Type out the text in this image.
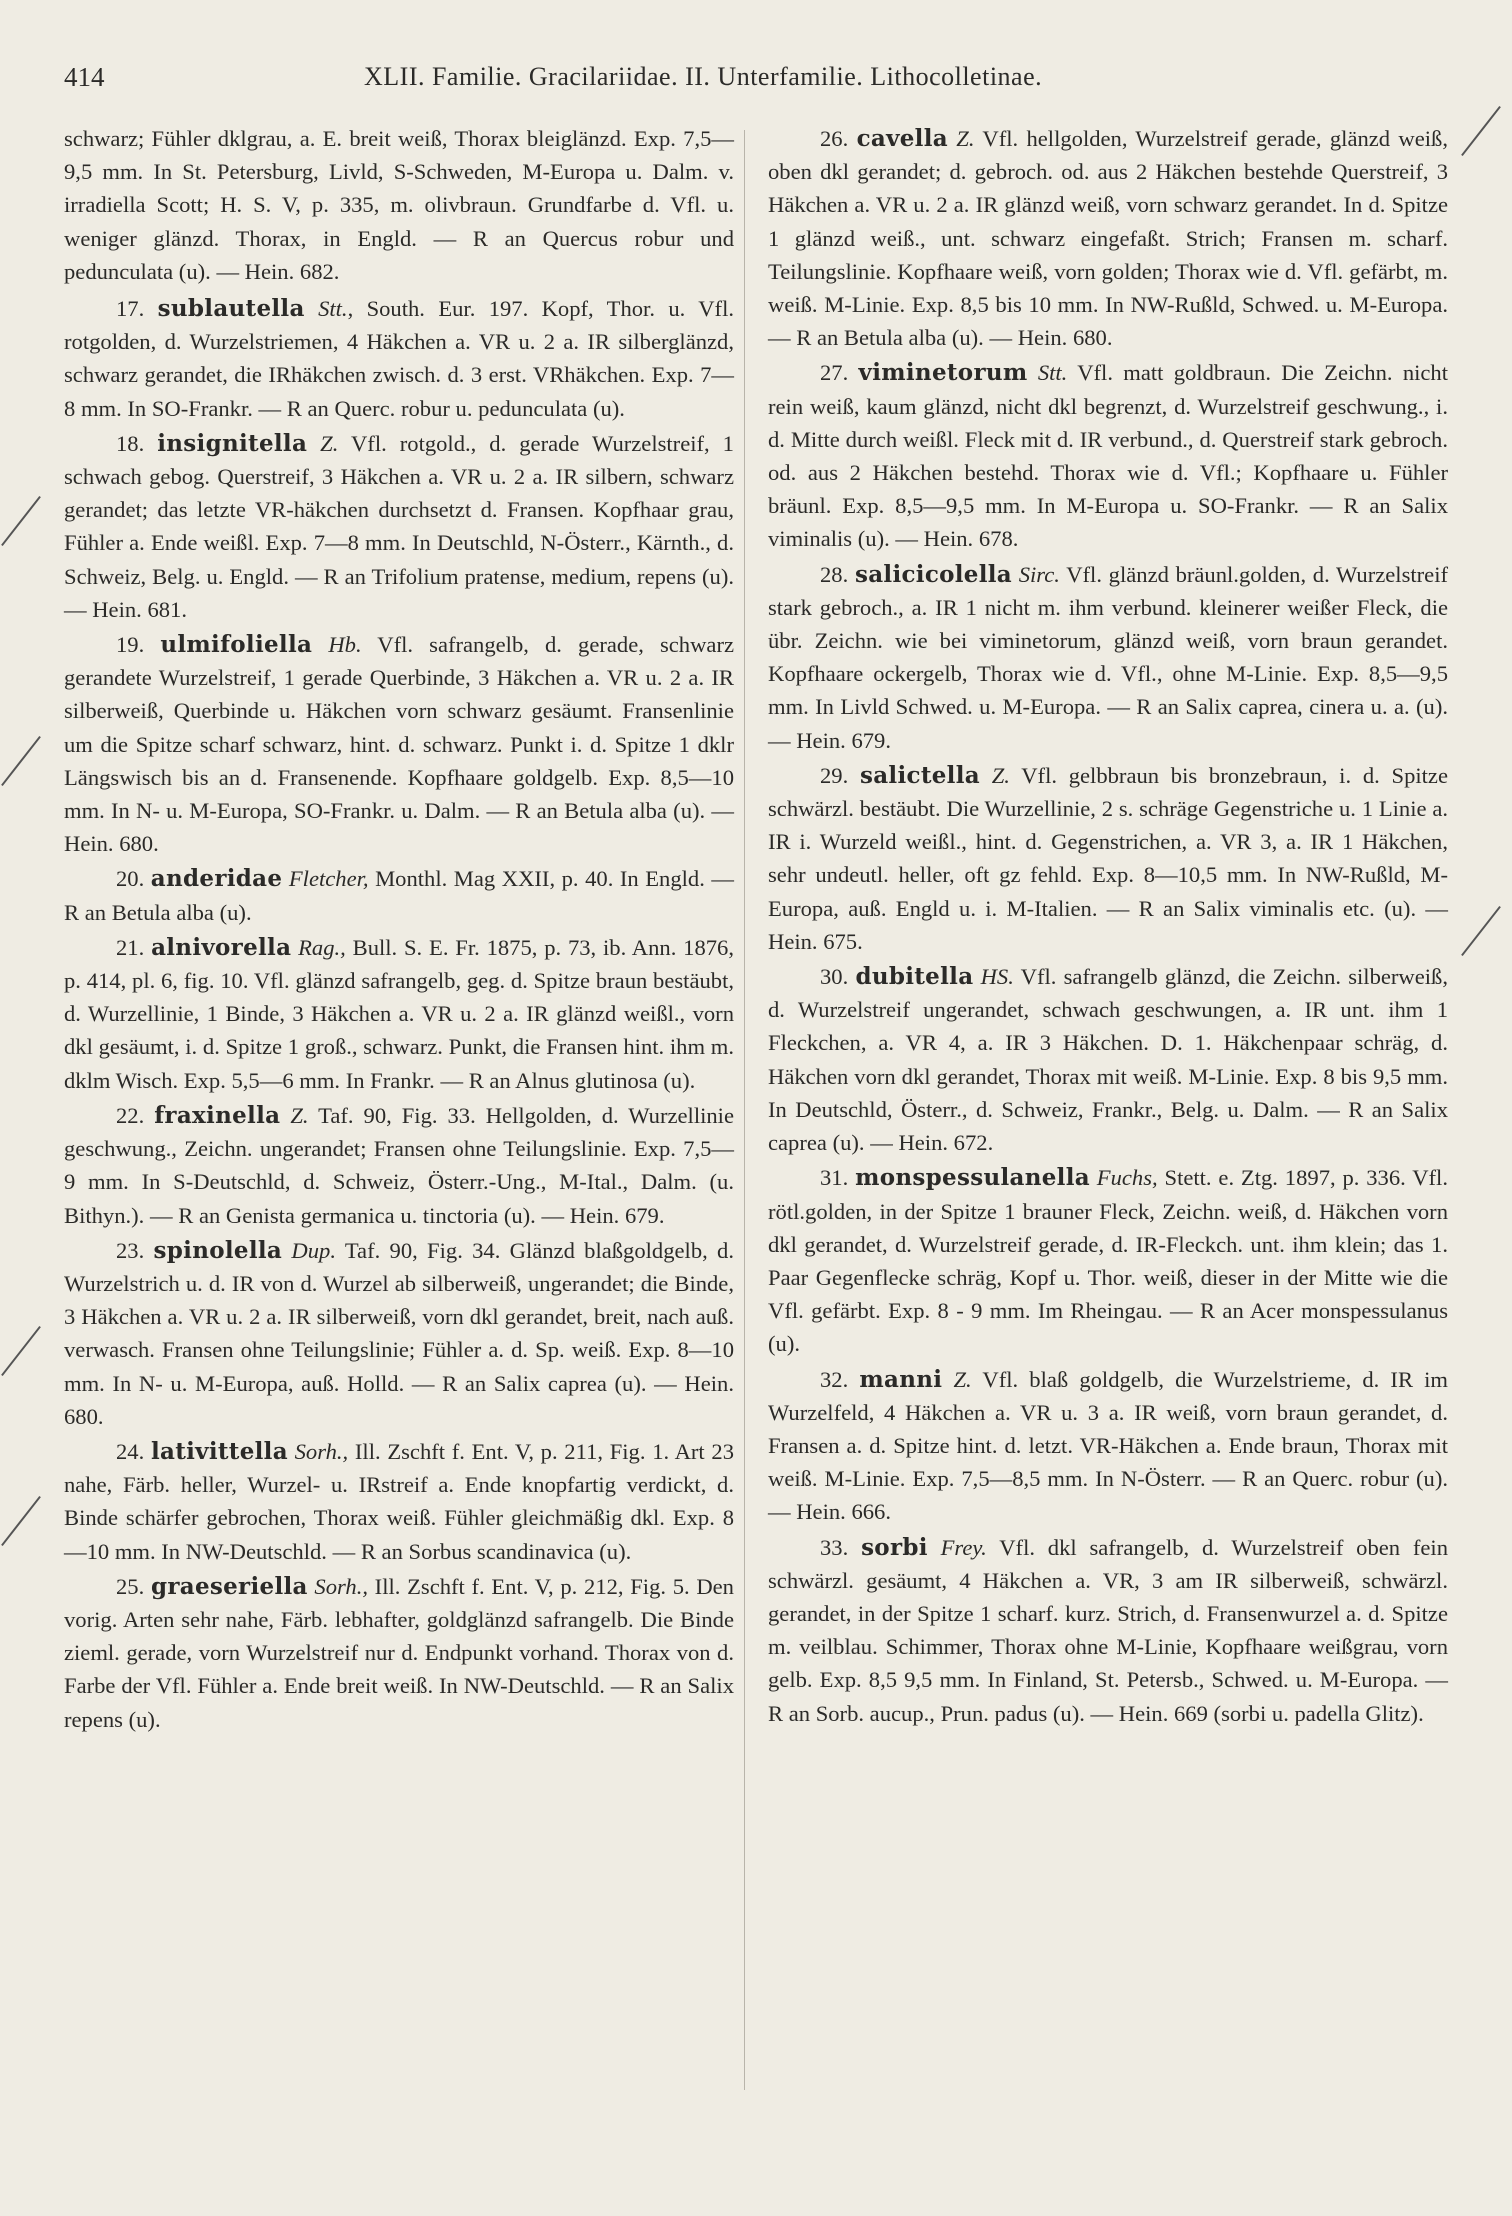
414	XLII. Familie. Gracilariidae. II. Unterfamilie. Lithocolletinae.

schwarz; Fühler dklgrau, a. E. breit weiß, Thorax bleiglänzd. Exp. 7,5—9,5 mm. In St. Petersburg, Livld, S-Schweden, M-Europa u. Dalm. v. irradiella Scott; H. S. V, p. 335, m. olivbraun. Grundfarbe d. Vfl. u. weniger glänzd. Thorax, in Engld. — R an Quercus robur und pedunculata (u). — Hein. 682.

17. sublautella Stt., South. Eur. 197. Kopf, Thor. u. Vfl. rotgolden, d. Wurzelstriemen, 4 Häkchen a. VR u. 2 a. IR silberglänzd, schwarz gerandet, die IRhäkchen zwisch. d. 3 erst. VRhäkchen. Exp. 7—8 mm. In SO-Frankr. — R an Querc. robur u. pedunculata (u).

18. insignitella Z. Vfl. rotgold., d. gerade Wurzelstreif, 1 schwach gebog. Querstreif, 3 Häkchen a. VR u. 2 a. IR silbern, schwarz gerandet; das letzte VR-häkchen durchsetzt d. Fransen. Kopfhaar grau, Fühler a. Ende weißl. Exp. 7—8 mm. In Deutschld, N-Österr., Kärnth., d. Schweiz, Belg. u. Engld. — R an Trifolium pratense, medium, repens (u). — Hein. 681.

19. ulmifoliella Hb. Vfl. safrangelb, d. gerade, schwarz gerandete Wurzelstreif, 1 gerade Querbinde, 3 Häkchen a. VR u. 2 a. IR silberweiß, Querbinde u. Häkchen vorn schwarz gesäumt. Fransenlinie um die Spitze scharf schwarz, hint. d. schwarz. Punkt i. d. Spitze 1 dklr Längswisch bis an d. Fransenende. Kopfhaare goldgelb. Exp. 8,5—10 mm. In N- u. M-Europa, SO-Frankr. u. Dalm. — R an Betula alba (u). — Hein. 680.

20. anderidae Fletcher, Monthl. Mag XXII, p. 40. In Engld. — R an Betula alba (u).

21. alnivorella Rag., Bull. S. E. Fr. 1875, p. 73, ib. Ann. 1876, p. 414, pl. 6, fig. 10. Vfl. glänzd safrangelb, geg. d. Spitze braun bestäubt, d. Wurzellinie, 1 Binde, 3 Häkchen a. VR u. 2 a. IR glänzd weißl., vorn dkl gesäumt, i. d. Spitze 1 groß., schwarz. Punkt, die Fransen hint. ihm m. dklm Wisch. Exp. 5,5—6 mm. In Frankr. — R an Alnus glutinosa (u).

22. fraxinella Z. Taf. 90, Fig. 33. Hellgolden, d. Wurzellinie geschwung., Zeichn. ungerandet; Fransen ohne Teilungslinie. Exp. 7,5—9 mm. In S-Deutschld, d. Schweiz, Österr.-Ung., M-Ital., Dalm. (u. Bithyn.). — R an Genista germanica u. tinctoria (u). — Hein. 679.

23. spinolella Dup. Taf. 90, Fig. 34. Glänzd blaßgoldgelb, d. Wurzelstrich u. d. IR von d. Wurzel ab silberweiß, ungerandet; die Binde, 3 Häkchen a. VR u. 2 a. IR silberweiß, vorn dkl gerandet, breit, nach auß. verwasch. Fransen ohne Teilungslinie; Fühler a. d. Sp. weiß. Exp. 8—10 mm. In N- u. M-Europa, auß. Holld. — R an Salix caprea (u). — Hein. 680.

24. lativittella Sorh., Ill. Zschft f. Ent. V, p. 211, Fig. 1. Art 23 nahe, Färb. heller, Wurzel- u. IRstreif a. Ende knopfartig verdickt, d. Binde schärfer gebrochen, Thorax weiß. Fühler gleichmäßig dkl. Exp. 8—10 mm. In NW-Deutschld. — R an Sorbus scandinavica (u).

25. graeseriella Sorh., Ill. Zschft f. Ent. V, p. 212, Fig. 5. Den vorig. Arten sehr nahe, Färb. lebhafter, goldglänzd safrangelb. Die Binde zieml. gerade, vorn Wurzelstreif nur d. Endpunkt vorhand. Thorax von d. Farbe der Vfl. Fühler a. Ende breit weiß. In NW-Deutschld. — R an Salix repens (u).

26. cavella Z. Vfl. hellgolden, Wurzelstreif gerade, glänzd weiß, oben dkl gerandet; d. gebroch. od. aus 2 Häkchen bestehde Querstreif, 3 Häkchen a. VR u. 2 a. IR glänzd weiß, vorn schwarz gerandet. In d. Spitze 1 glänzd weiß., unt. schwarz eingefaßt. Strich; Fransen m. scharf. Teilungslinie. Kopfhaare weiß, vorn golden; Thorax wie d. Vfl. gefärbt, m. weiß. M-Linie. Exp. 8,5 bis 10 mm. In NW-Rußld, Schwed. u. M-Europa. — R an Betula alba (u). — Hein. 680.

27. viminetorum Stt. Vfl. matt goldbraun. Die Zeichn. nicht rein weiß, kaum glänzd, nicht dkl begrenzt, d. Wurzelstreif geschwung., i. d. Mitte durch weißl. Fleck mit d. IR verbund., d. Querstreif stark gebroch. od. aus 2 Häkchen bestehd. Thorax wie d. Vfl.; Kopfhaare u. Fühler bräunl. Exp. 8,5—9,5 mm. In M-Europa u. SO-Frankr. — R an Salix viminalis (u). — Hein. 678.

28. salicicolella Sirc. Vfl. glänzd bräunl.golden, d. Wurzelstreif stark gebroch., a. IR 1 nicht m. ihm verbund. kleinerer weißer Fleck, die übr. Zeichn. wie bei viminetorum, glänzd weiß, vorn braun gerandet. Kopfhaare ockergelb, Thorax wie d. Vfl., ohne M-Linie. Exp. 8,5—9,5 mm. In Livld Schwed. u. M-Europa. — R an Salix caprea, cinera u. a. (u). — Hein. 679.

29. salictella Z. Vfl. gelbbraun bis bronzebraun, i. d. Spitze schwärzl. bestäubt. Die Wurzellinie, 2 s. schräge Gegenstriche u. 1 Linie a. IR i. Wurzeld weißl., hint. d. Gegenstrichen, a. VR 3, a. IR 1 Häkchen, sehr undeutl. heller, oft gz fehld. Exp. 8—10,5 mm. In NW-Rußld, M-Europa, auß. Engld u. i. M-Italien. — R an Salix viminalis etc. (u). — Hein. 675.

30. dubitella HS. Vfl. safrangelb glänzd, die Zeichn. silberweiß, d. Wurzelstreif ungerandet, schwach geschwungen, a. IR unt. ihm 1 Fleckchen, a. VR 4, a. IR 3 Häkchen. D. 1. Häkchenpaar schräg, d. Häkchen vorn dkl gerandet, Thorax mit weiß. M-Linie. Exp. 8 bis 9,5 mm. In Deutschld, Österr., d. Schweiz, Frankr., Belg. u. Dalm. — R an Salix caprea (u). — Hein. 672.

31. monspessulanella Fuchs, Stett. e. Ztg. 1897, p. 336. Vfl. rötl.golden, in der Spitze 1 brauner Fleck, Zeichn. weiß, d. Häkchen vorn dkl gerandet, d. Wurzelstreif gerade, d. IR-Fleckch. unt. ihm klein; das 1. Paar Gegenflecke schräg, Kopf u. Thor. weiß, dieser in der Mitte wie die Vfl. gefärbt. Exp. 8 - 9 mm. Im Rheingau. — R an Acer monspessulanus (u).

32. manni Z. Vfl. blaß goldgelb, die Wurzelstrieme, d. IR im Wurzelfeld, 4 Häkchen a. VR u. 3 a. IR weiß, vorn braun gerandet, d. Fransen a. d. Spitze hint. d. letzt. VR-Häkchen a. Ende braun, Thorax mit weiß. M-Linie. Exp. 7,5—8,5 mm. In N-Österr. — R an Querc. robur (u). — Hein. 666.

33. sorbi Frey. Vfl. dkl safrangelb, d. Wurzelstreif oben fein schwärzl. gesäumt, 4 Häkchen a. VR, 3 am IR silberweiß, schwärzl. gerandet, in der Spitze 1 scharf. kurz. Strich, d. Fransenwurzel a. d. Spitze m. veilblau. Schimmer, Thorax ohne M-Linie, Kopfhaare weißgrau, vorn gelb. Exp. 8,5 9,5 mm. In Finland, St. Petersb., Schwed. u. M-Europa. — R an Sorb. aucup., Prun. padus (u). — Hein. 669 (sorbi u. padella Glitz).
